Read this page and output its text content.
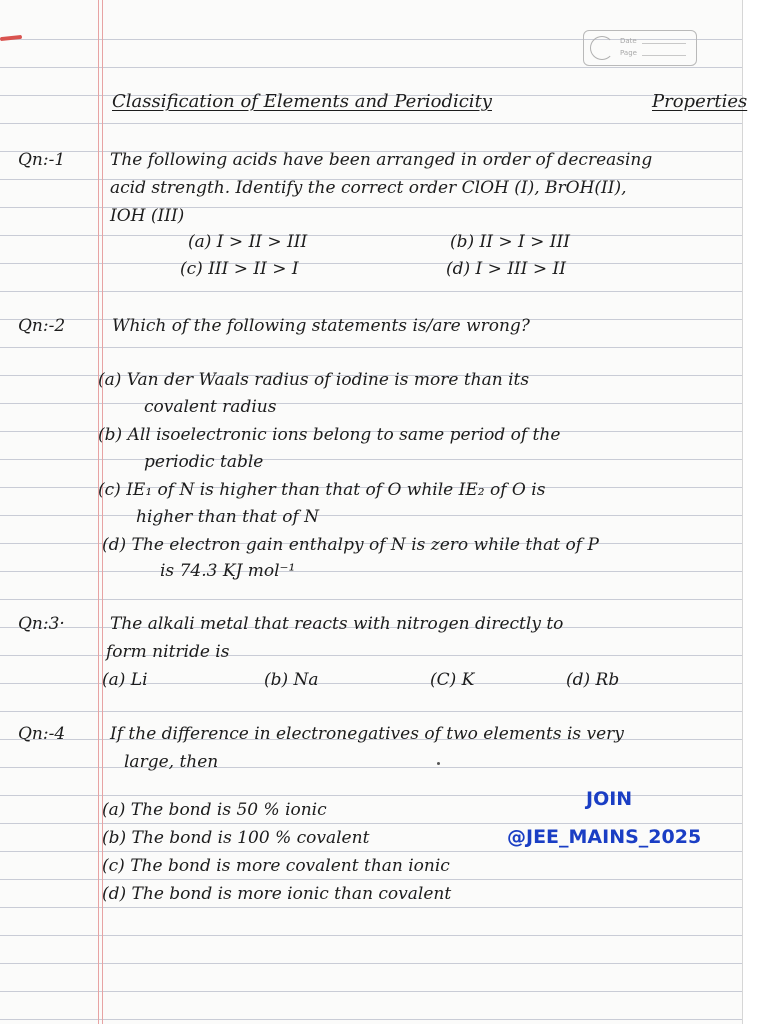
Date
Page
Classification of Elements and Periodicity	Properties
Qn:-1	The following acids have been arranged in order of decreasing
acid strength. Identify the correct order ClOH (I), BrOH(II),
IOH (III)
(a) I > II > III	(b) II > I > III
(c) III > II > I	(d) I > III > II
Qn:-2	Which of the following statements is/are wrong?
(a) Van der Waals radius of iodine is more than its
covalent radius
(b) All isoelectronic ions belong to same period of the
periodic table
(c) IE₁ of N is higher than that of O while IE₂ of O is
higher than that of N
(d) The electron gain enthalpy of N is zero while that of P
is 74.3 KJ mol⁻¹
Qn:3·	The alkali metal that reacts with nitrogen directly to
form nitride is
(a) Li	(b) Na	(C) K	(d) Rb
Qn:-4	If the difference in electronegatives of two elements is very
large, then
(a) The bond is 50 % ionic
(b) The bond is 100 % covalent
(c) The bond is more covalent than ionic
(d) The bond is more ionic than covalent
JOIN
@JEE_MAINS_2025
